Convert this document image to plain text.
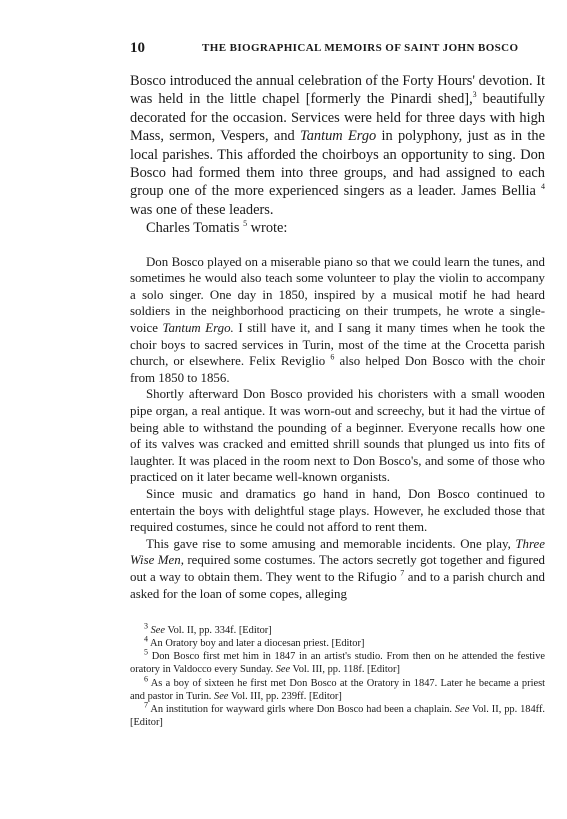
10	THE BIOGRAPHICAL MEMOIRS OF SAINT JOHN BOSCO

Bosco introduced the annual celebration of the Forty Hours' devotion. It was held in the little chapel [formerly the Pinardi shed],$^3$ beautifully decorated for the occasion. Services were held for three days with high Mass, sermon, Vespers, and Tantum Ergo in polyphony, just as in the local parishes. This afforded the choirboys an opportunity to sing. Don Bosco had formed them into three groups, and had assigned to each group one of the more experienced singers as a leader. James Bellia $^4$ was one of these leaders.

Charles Tomatis $^5$ wrote:

Don Bosco played on a miserable piano so that we could learn the tunes, and sometimes he would also teach some volunteer to play the violin to accompany a solo singer. One day in 1850, inspired by a musical motif he had heard soldiers in the neighborhood practicing on their trumpets, he wrote a single-voice Tantum Ergo. I still have it, and I sang it many times when he took the choir boys to sacred services in Turin, most of the time at the Crocetta parish church, or elsewhere. Felix Reviglio $^6$ also helped Don Bosco with the choir from 1850 to 1856.

Shortly afterward Don Bosco provided his choristers with a small wooden pipe organ, a real antique. It was worn-out and screechy, but it had the virtue of being able to withstand the pounding of a beginner. Everyone recalls how one of its valves was cracked and emitted shrill sounds that plunged us into fits of laughter. It was placed in the room next to Don Bosco's, and some of those who practiced on it later became well-known organists.

Since music and dramatics go hand in hand, Don Bosco continued to entertain the boys with delightful stage plays. However, he excluded those that required costumes, since he could not afford to rent them.

This gave rise to some amusing and memorable incidents. One play, Three Wise Men, required some costumes. The actors secretly got together and figured out a way to obtain them. They went to the Rifugio $^7$ and to a parish church and asked for the loan of some copes, alleging

$^3$ See Vol. II, pp. 334f. [Editor]

$^4$ An Oratory boy and later a diocesan priest. [Editor]

$^5$ Don Bosco first met him in 1847 in an artist's studio. From then on he attended the festive oratory in Valdocco every Sunday. See Vol. III, pp. 118f. [Editor]

$^6$ As a boy of sixteen he first met Don Bosco at the Oratory in 1847. Later he became a priest and pastor in Turin. See Vol. III, pp. 239ff. [Editor]

$^7$ An institution for wayward girls where Don Bosco had been a chaplain. See Vol. II, pp. 184ff. [Editor]
